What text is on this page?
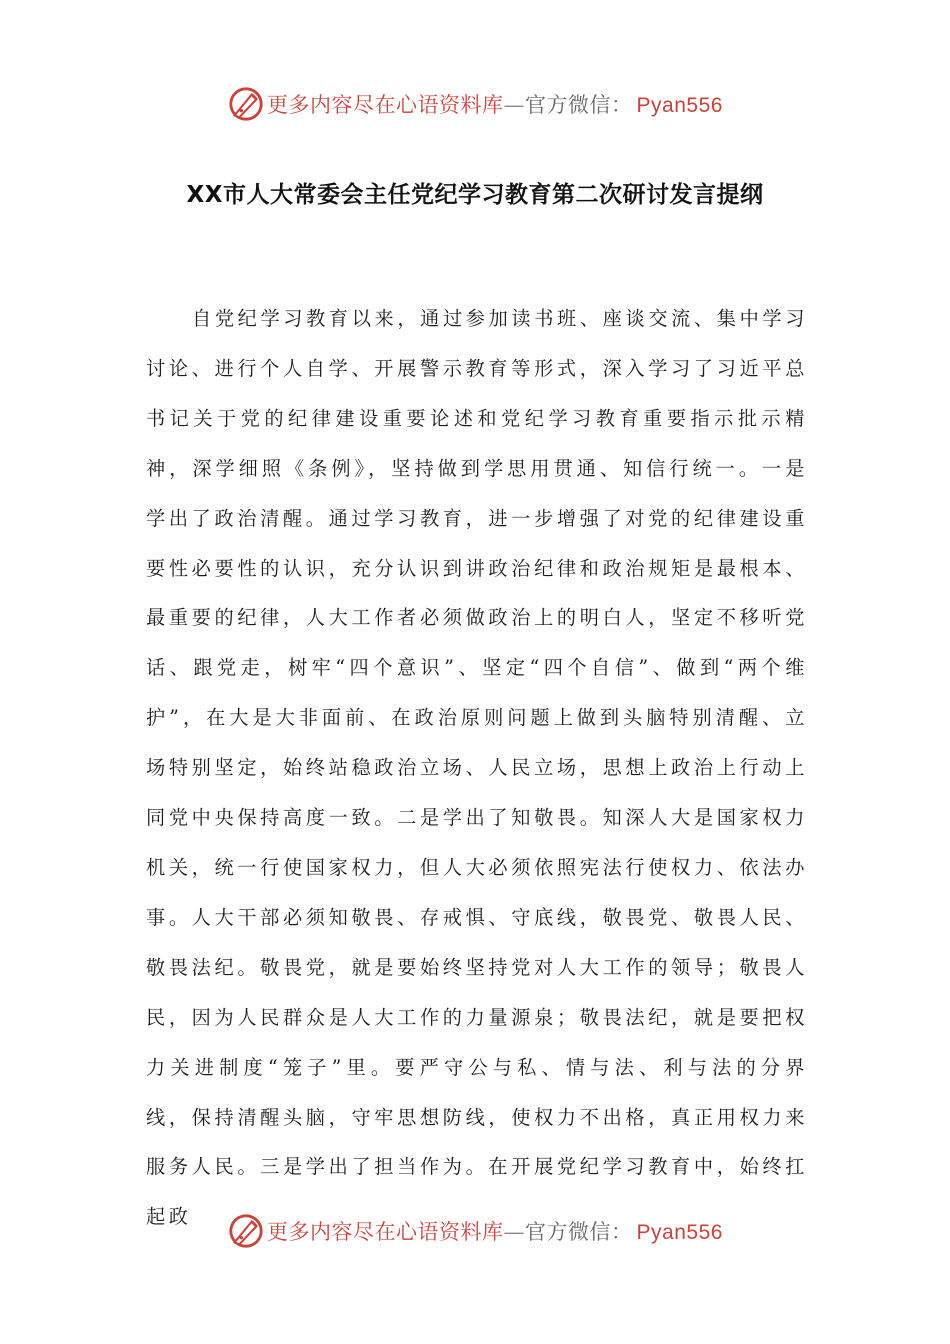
更多内容尽在心语资料库—官方微信： Pyan556
XX市人大常委会主任党纪学习教育第二次研讨发言提纲

自党纪学习教育以来，通过参加读书班、座谈交流、集中学习讨论、进行个人自学、开展警示教育等形式，深入学习了习近平总书记关于党的纪律建设重要论述和党纪学习教育重要指示批示精神，深学细照《条例》，坚持做到学思用贯通、知信行统一。一是学出了政治清醒。通过学习教育，进一步增强了对党的纪律建设重要性必要性的认识，充分认识到讲政治纪律和政治规矩是最根本、最重要的纪律，人大工作者必须做政治上的明白人，坚定不移听党话、跟党走，树牢“四个意识”、坚定“四个自信”、做到“两个维护”，在大是大非面前、在政治原则问题上做到头脑特别清醒、立场特别坚定，始终站稳政治立场、人民立场，思想上政治上行动上同党中央保持高度一致。二是学出了知敬畏。知深人大是国家权力机关，统一行使国家权力，但人大必须依照宪法行使权力、依法办事。人大干部必须知敬畏、存戒惧、守底线，敬畏党、敬畏人民、敬畏法纪。敬畏党，就是要始终坚持党对人大工作的领导；敬畏人民，因为人民群众是人大工作的力量源泉；敬畏法纪，就是要把权力关进制度“笼子”里。要严守公与私、情与法、利与法的分界线，保持清醒头脑，守牢思想防线，使权力不出格，真正用权力来服务人民。三是学出了担当作为。在开展党纪学习教育中，始终扛起政

更多内容尽在心语资料库—官方微信： Pyan556
